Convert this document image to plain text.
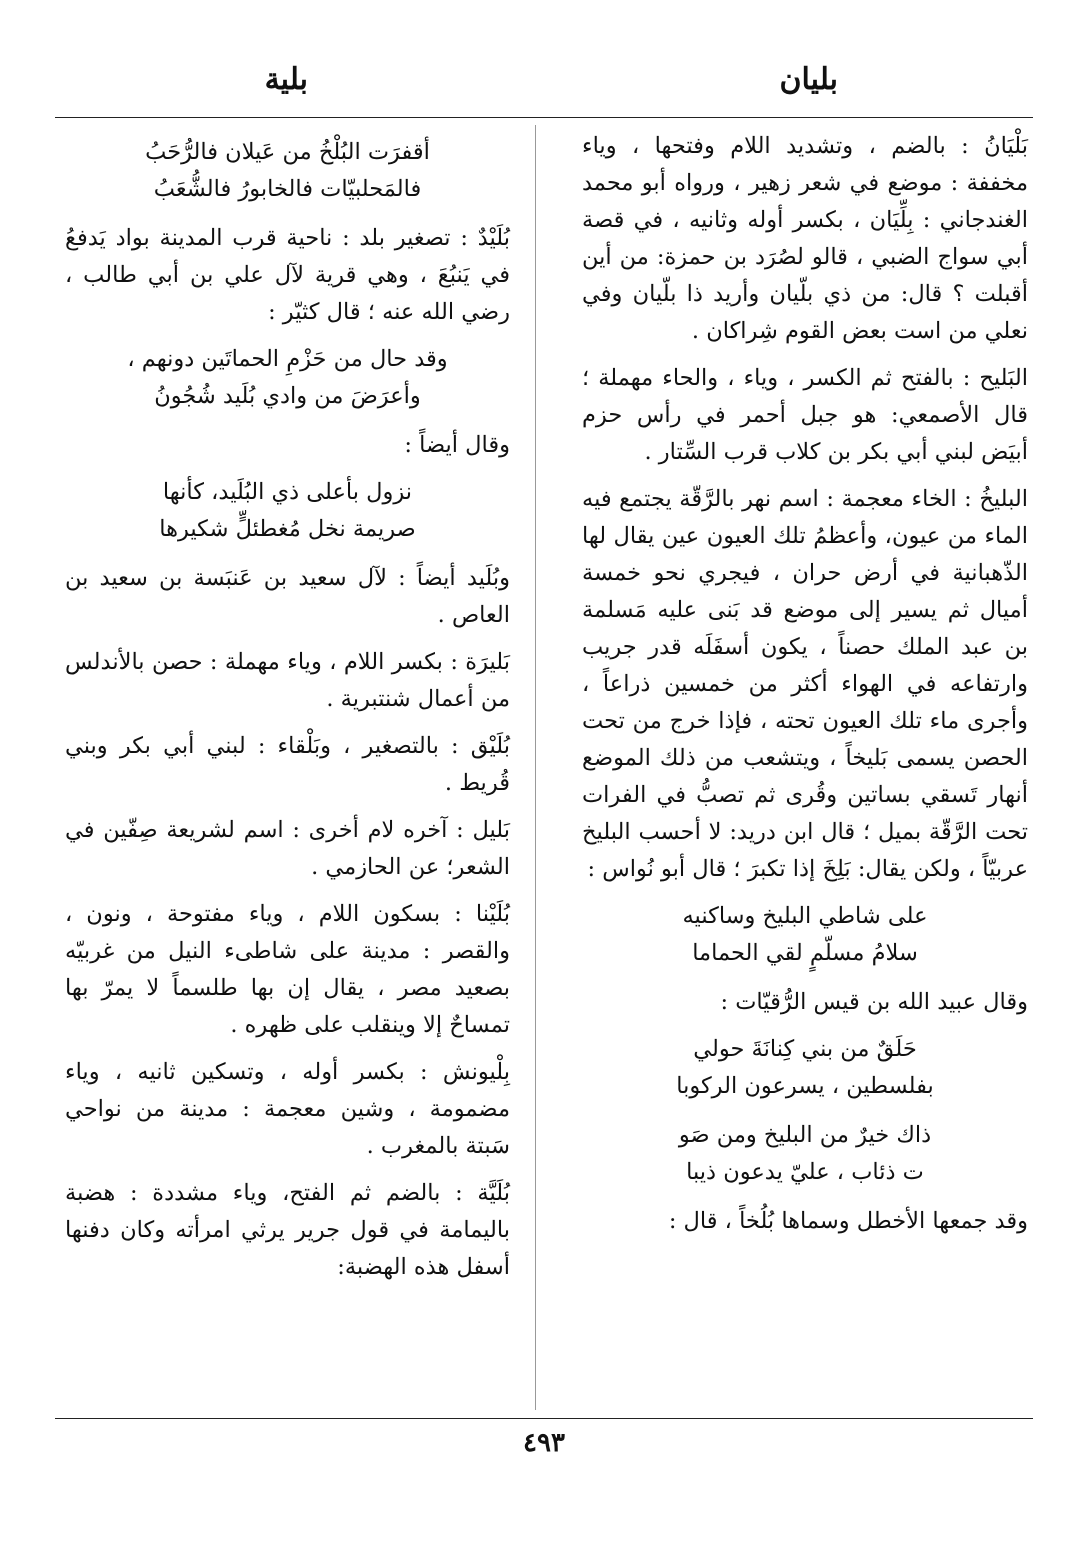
بليان
بلية

بَلْيَانُ : بالضم ، وتشديد اللام وفتحها ، وياء مخففة : موضع في شعر زهير ، ورواه أبو محمد الغندجاني : بِلِّيَان ، بكسر أوله وثانيه ، في قصة أبي سواج الضبي ، قالو لصُرَد بن حمزة: من أين أقبلت ؟ قال: من ذي بلّيان وأريد ذا بلّيان وفي نعلي من است بعض القوم شِراكان .

البَليح : بالفتح ثم الكسر ، وياء ، والحاء مهملة ؛ قال الأصمعي: هو جبل أحمر في رأس حزم أبيَض لبني أبي بكر بن كلاب قرب السِّتار .

البليخُ : الخاء معجمة : اسم نهر بالرَّقّة يجتمع فيه الماء من عيون، وأعظمُ تلك العيون عين يقال لها الذّهبانية في أرض حران ، فيجري نحو خمسة أميال ثم يسير إلى موضع قد بَنى عليه مَسلمة بن عبد الملك حصناً ، يكون أسفَلَه قدر جريب وارتفاعه في الهواء أكثر من خمسين ذراعاً ، وأجرى ماء تلك العيون تحته ، فإذا خرج من تحت الحصن يسمى بَليخاً ، ويتشعب من ذلك الموضع أنهار تَسقي بساتين وقُرى ثم تصبُّ في الفرات تحت الرَّقّة بميل ؛ قال ابن دريد: لا أحسب البليخ عربيّاً ، ولكن يقال: بَلِخَ إذا تكبرَ ؛ قال أبو نُواس :

على شاطي البليخ وساكنيه
سلامُ مسلّمٍ لقي الحماما

وقال عبيد الله بن قيس الرُّقيّات :

حَلَقٌ من بني كِنانَةَ حولي
بفلسطين ، يسرعون الركوبا
ذاك خيرٌ من البليخ ومن صَو
ت ذئاب ، عليّ يدعون ذيبا

وقد جمعها الأخطل وسماها بُلُخاً ، قال :

أقفرَت البُلْخُ من عَيلان فالرُّحَبُ
فالمَحلبيّات فالخابورُ فالشُّعَبُ

بُلَيْدٌ : تصغير بلد : ناحية قرب المدينة بواد يَدفعُ في يَنبُعَ ، وهي قرية لآل علي بن أبي طالب ، رضي الله عنه ؛ قال كثيّر :

وقد حال من حَزْمِ الحماتَين دونهم ،
وأعرَضَ من وادي بُلَيد شُجُونُ

وقال أيضاً :

نزول بأعلى ذي البُلَيد، كأنها
صريمة نخل مُغطئلٍّ شكيرها

وبُلَيد أيضاً : لآل سعيد بن عَنبَسة بن سعيد بن العاص .

بَليرَة : بكسر اللام ، وياء مهملة : حصن بالأندلس من أعمال شنتبرية .

بُلَيْق : بالتصغير ، وبَلْقاء : لبني أبي بكر وبني قُريط .

بَليل : آخره لام أخرى : اسم لشريعة صِفّين في الشعر؛ عن الحازمي .

بُلَيْنا : بسكون اللام ، وياء مفتوحة ، ونون ، والقصر : مدينة على شاطىء النيل من غربيّه بصعيد مصر ، يقال إن بها طلسماً لا يمرّ بها تمساحٌ إلا وينقلب على ظهره .

بِلْيونش : بكسر أوله ، وتسكين ثانيه ، وياء مضمومة ، وشين معجمة : مدينة من نواحي سَبتة بالمغرب .

بُلَيَّة : بالضم ثم الفتح، وياء مشددة : هضبة باليمامة في قول جرير يرثي امرأته وكان دفنها أسفل هذه الهضبة:

٤٩٣
